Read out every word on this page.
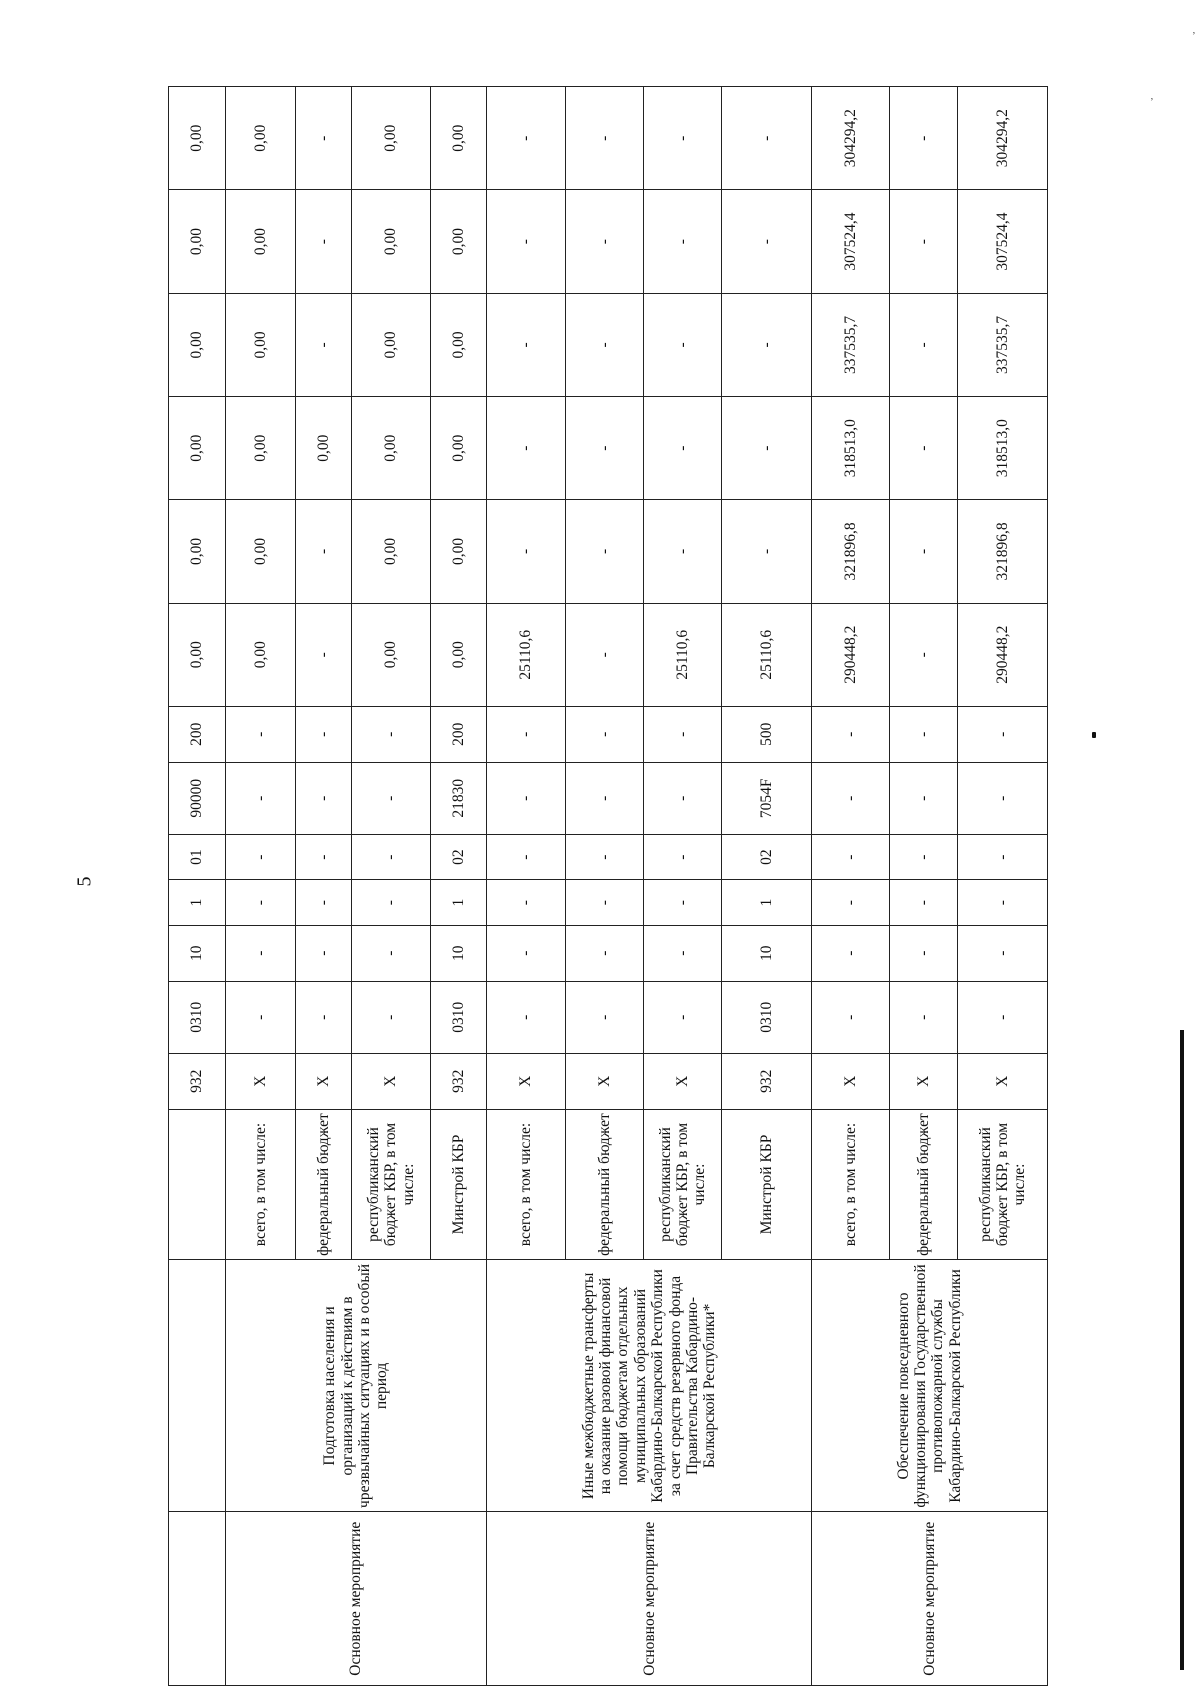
5
’
’
			932	0310	10	1	01	90000	200	0,00	0,00	0,00	0,00	0,00	0,00
Основное мероприятие	Подготовка населения и организаций к действиям в чрезвычайных ситуациях и в особый период	всего, в том числе:	X	-	-	-	-	-	-	0,00	0,00	0,00	0,00	0,00	0,00
		федеральный бюджет	X	-	-	-	-	-	-	-	-	0,00	-	-	-
		республиканский бюджет КБР, в том числе:	X	-	-	-	-	-	-	0,00	0,00	0,00	0,00	0,00	0,00
		Минстрой КБР	932	0310	10	1	02	21830	200	0,00	0,00	0,00	0,00	0,00	0,00
Основное мероприятие	Иные межбюджетные трансферты на оказание разовой финансовой помощи бюджетам отдельных муниципальных образований Кабардино-Балкарской Республики за счет средств резервного фонда Правительства Кабардино-Балкарской Республики*	всего, в том числе:	X	-	-	-	-	-	-	25110,6	-	-	-	-	-
		федеральный бюджет	X	-	-	-	-	-	-	-	-	-	-	-	-
		республиканский бюджет КБР, в том числе:	X	-	-	-	-	-	-	25110,6	-	-	-	-	-
		Минстрой КБР	932	0310	10	1	02	7054F	500	25110,6	-	-	-	-	-
Основное мероприятие	Обеспечение повседневного функционирования Государственной противопожарной службы Кабардино-Балкарской Республики	всего, в том числе:	X	-	-	-	-	-	-	290448,2	321896,8	318513,0	337535,7	307524,4	304294,2
		федеральный бюджет	X	-	-	-	-	-	-	-	-	-	-	-	-
		республиканский бюджет КБР, в том числе:	X	-	-	-	-	-	-	290448,2	321896,8	318513,0	337535,7	307524,4	304294,2
